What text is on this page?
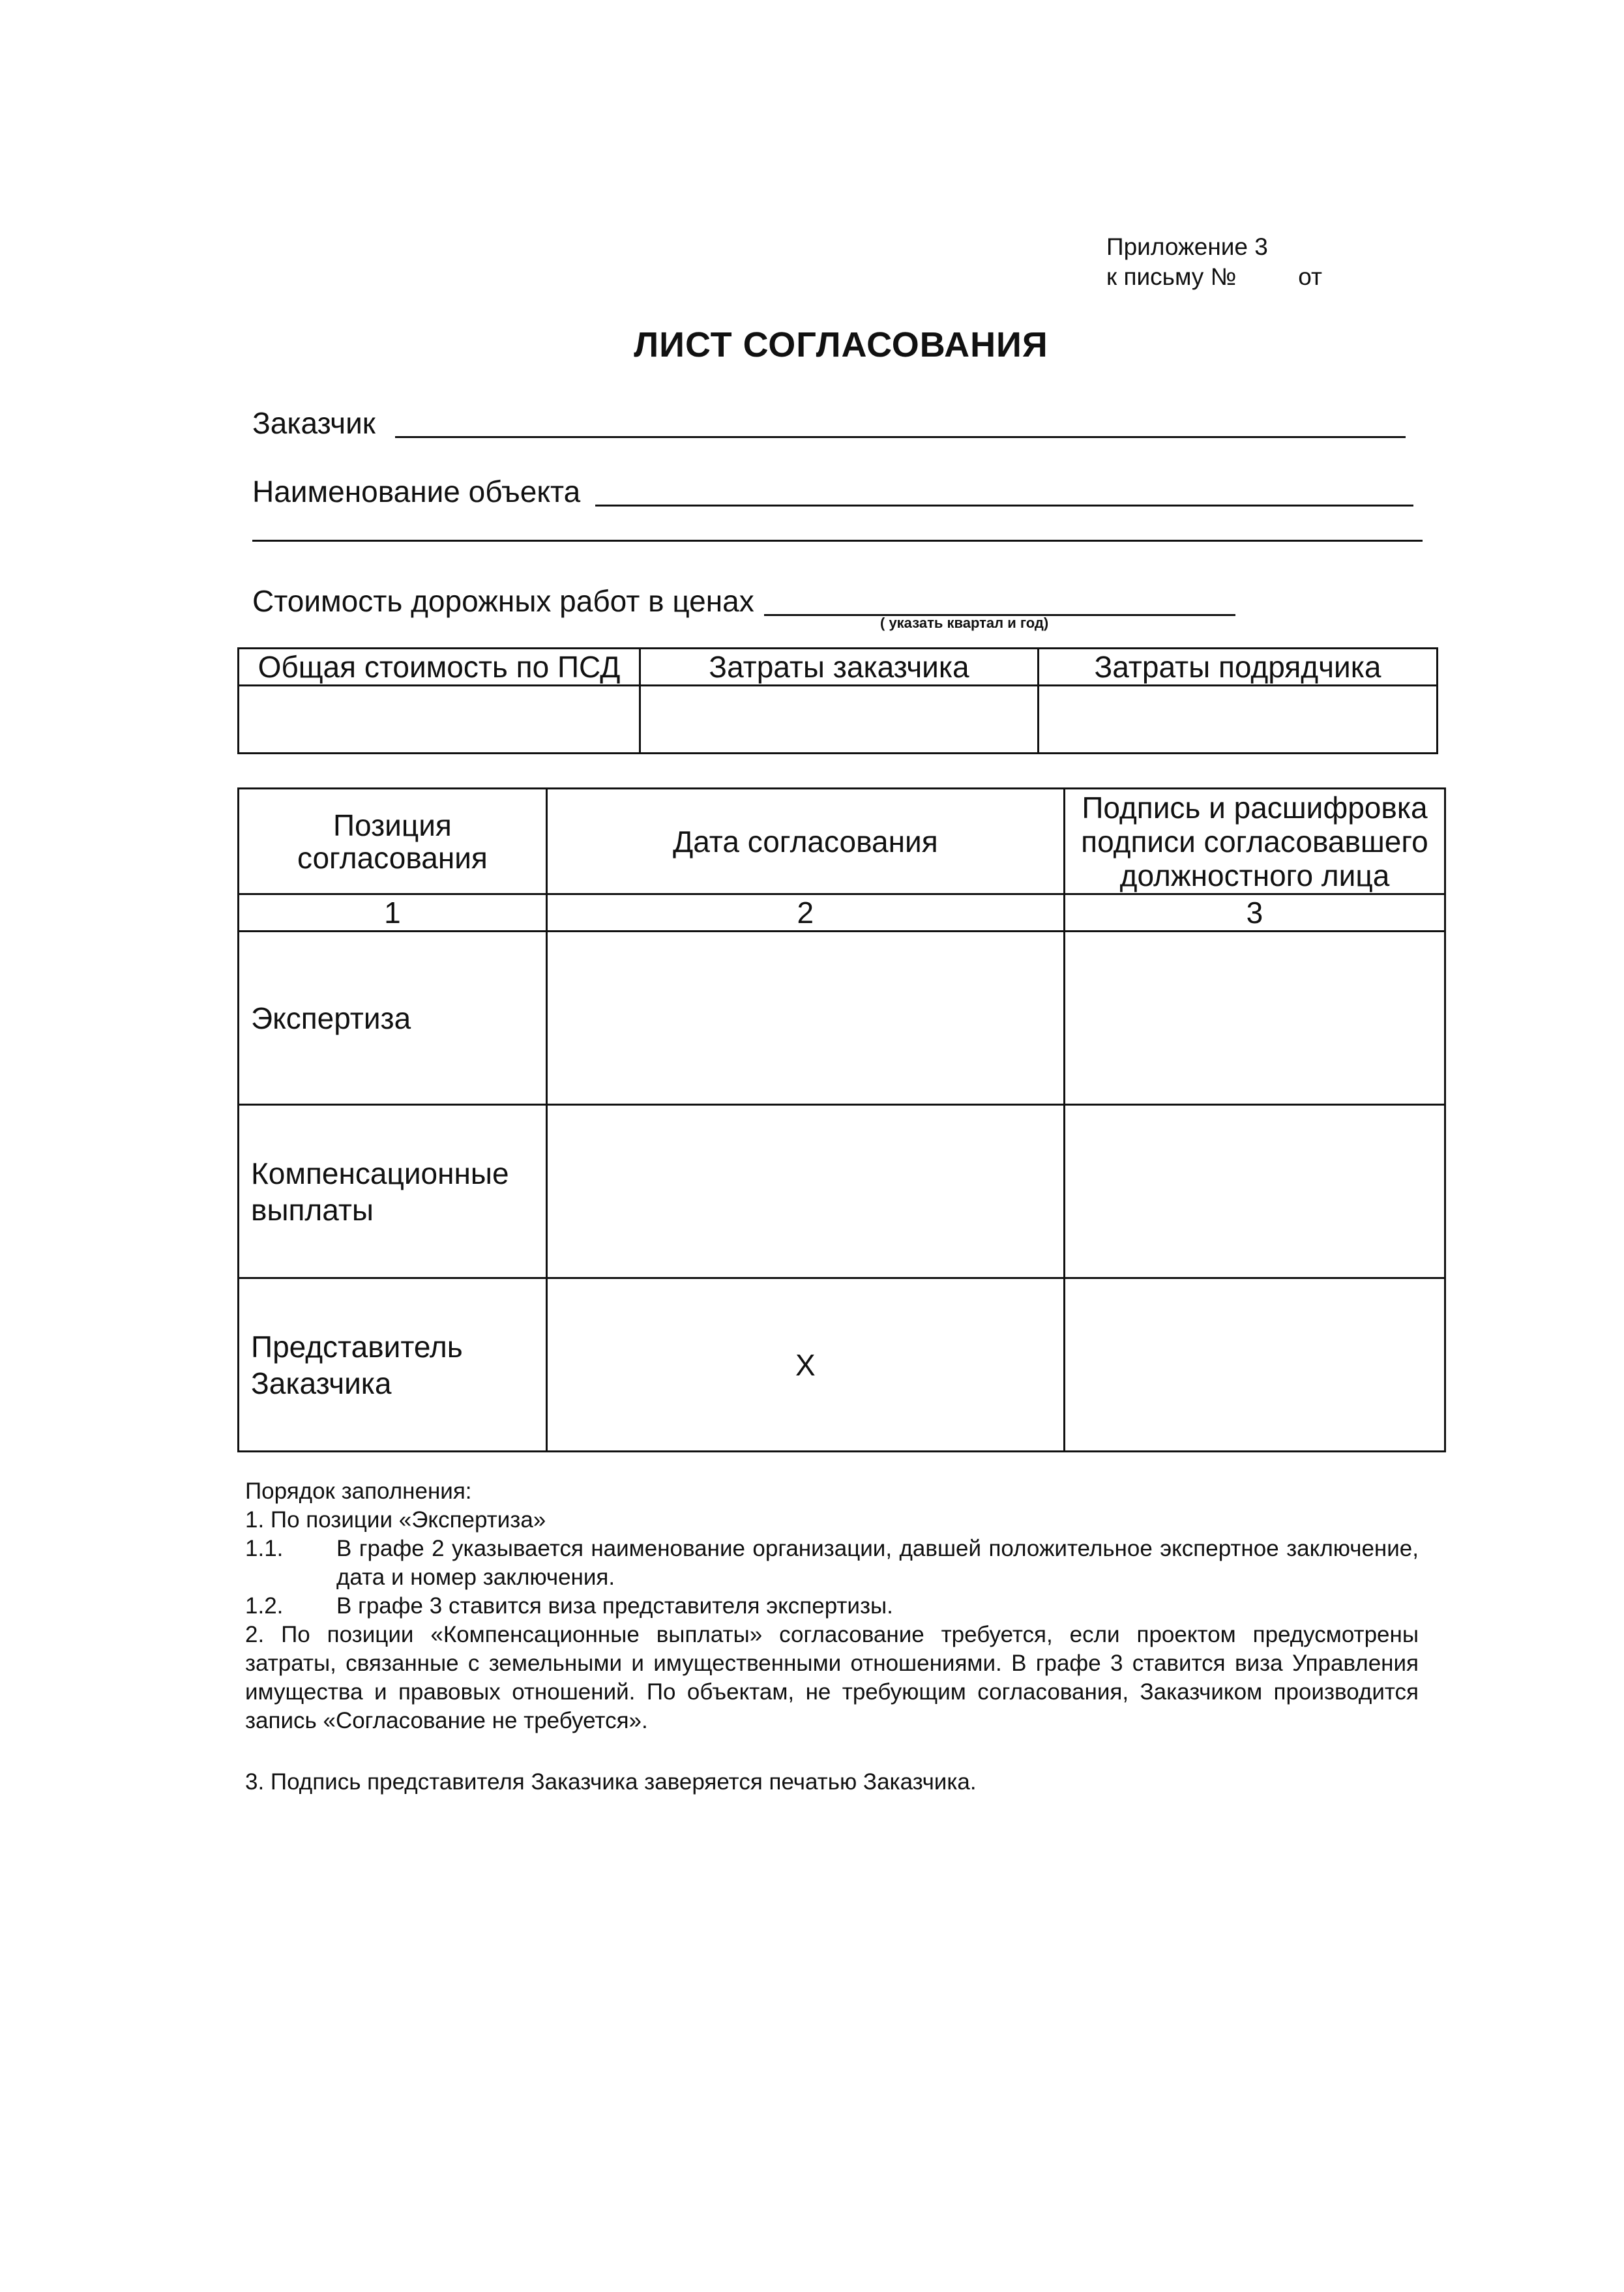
Приложение 3
к письму №	от
ЛИСТ СОГЛАСОВАНИЯ
Заказчик
Наименование объекта
Стоимость дорожных работ в ценах
( указать квартал и год)
Общая стоимость по ПСД	Затраты заказчика	Затраты подрядчика

Позиция согласования	Дата согласования	Подпись и расшифровка подписи согласовавшего должностного лица
1	2	3
Экспертиза		
Компенсационные выплаты		
Представитель Заказчика	Х	

Порядок заполнения:

1. По позиции «Экспертиза»

1.1.	В графе 2 указывается наименование организации, давшей положительное экспертное заключение, дата и номер заключения.
1.2.	В графе 3 ставится виза представителя экспертизы.

2. По позиции «Компенсационные выплаты» согласование требуется, если проектом предусмотрены затраты, связанные с земельными и имущественными отношениями. В графе 3 ставится виза Управления имущества и правовых отношений. По объектам, не требующим согласования, Заказчиком производится запись «Согласование не требуется».

3. Подпись представителя Заказчика заверяется печатью Заказчика.
